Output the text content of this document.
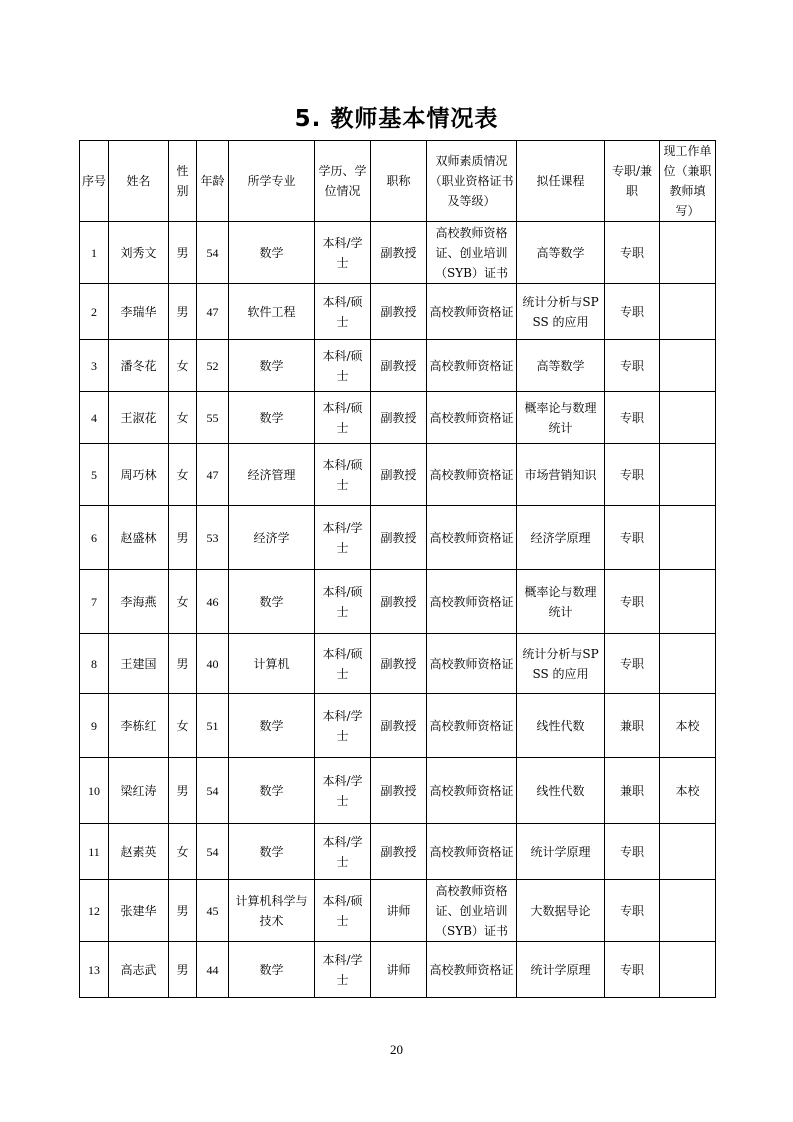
5. 教师基本情况表
序号	姓名	性别	年龄	所学专业	学历、学位情况	职称	双师素质情况（职业资格证书及等级）	拟任课程	专职/兼职	现工作单位（兼职教师填写）
1	刘秀文	男	54	数学	本科/学士	副教授	高校教师资格证、创业培训（SYB）证书	高等数学	专职	
2	李瑞华	男	47	软件工程	本科/硕士	副教授	高校教师资格证	统计分析与SPSS 的应用	专职	
3	潘冬花	女	52	数学	本科/硕士	副教授	高校教师资格证	高等数学	专职	
4	王淑花	女	55	数学	本科/硕士	副教授	高校教师资格证	概率论与数理统计	专职	
5	周巧林	女	47	经济管理	本科/硕士	副教授	高校教师资格证	市场营销知识	专职	
6	赵盛林	男	53	经济学	本科/学士	副教授	高校教师资格证	经济学原理	专职	
7	李海燕	女	46	数学	本科/硕士	副教授	高校教师资格证	概率论与数理统计	专职	
8	王建国	男	40	计算机	本科/硕士	副教授	高校教师资格证	统计分析与SPSS 的应用	专职	
9	李栋红	女	51	数学	本科/学士	副教授	高校教师资格证	线性代数	兼职	本校
10	梁红涛	男	54	数学	本科/学士	副教授	高校教师资格证	线性代数	兼职	本校
11	赵素英	女	54	数学	本科/学士	副教授	高校教师资格证	统计学原理	专职	
12	张建华	男	45	计算机科学与技术	本科/硕士	讲师	高校教师资格证、创业培训（SYB）证书	大数据导论	专职	
13	高志武	男	44	数学	本科/学士	讲师	高校教师资格证	统计学原理	专职	
20
